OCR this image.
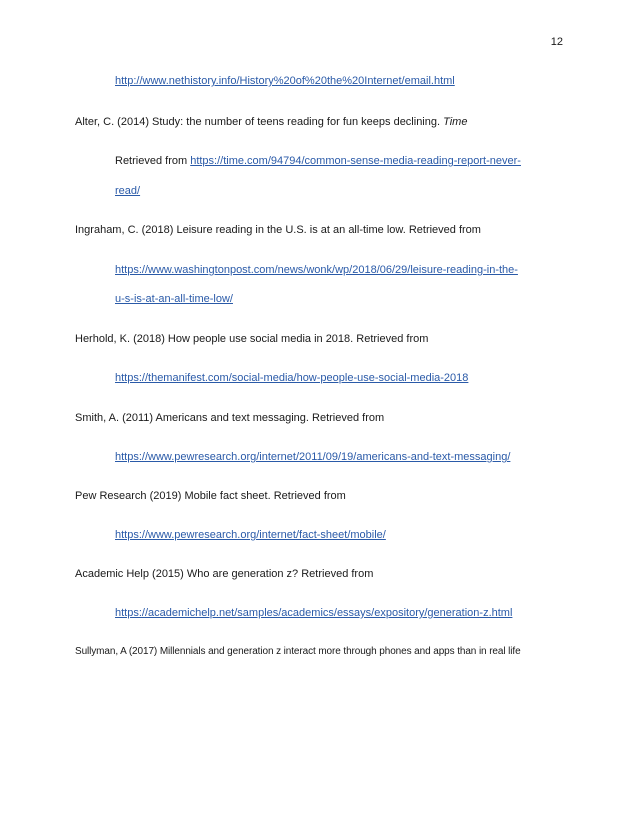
12
http://www.nethistory.info/History%20of%20the%20Internet/email.html
Alter, C. (2014) Study: the number of teens reading for fun keeps declining. Time
Retrieved from https://time.com/94794/common-sense-media-reading-report-never-
read/
Ingraham, C. (2018) Leisure reading in the U.S. is at an all-time low. Retrieved from
https://www.washingtonpost.com/news/wonk/wp/2018/06/29/leisure-reading-in-the-
u-s-is-at-an-all-time-low/
Herhold, K. (2018) How people use social media in 2018. Retrieved from
https://themanifest.com/social-media/how-people-use-social-media-2018
Smith, A. (2011) Americans and text messaging. Retrieved from
https://www.pewresearch.org/internet/2011/09/19/americans-and-text-messaging/
Pew Research (2019) Mobile fact sheet. Retrieved from
https://www.pewresearch.org/internet/fact-sheet/mobile/
Academic Help (2015) Who are generation z? Retrieved from
https://academichelp.net/samples/academics/essays/expository/generation-z.html
Sullyman, A (2017) Millennials and generation z interact more through phones and apps than in real life
